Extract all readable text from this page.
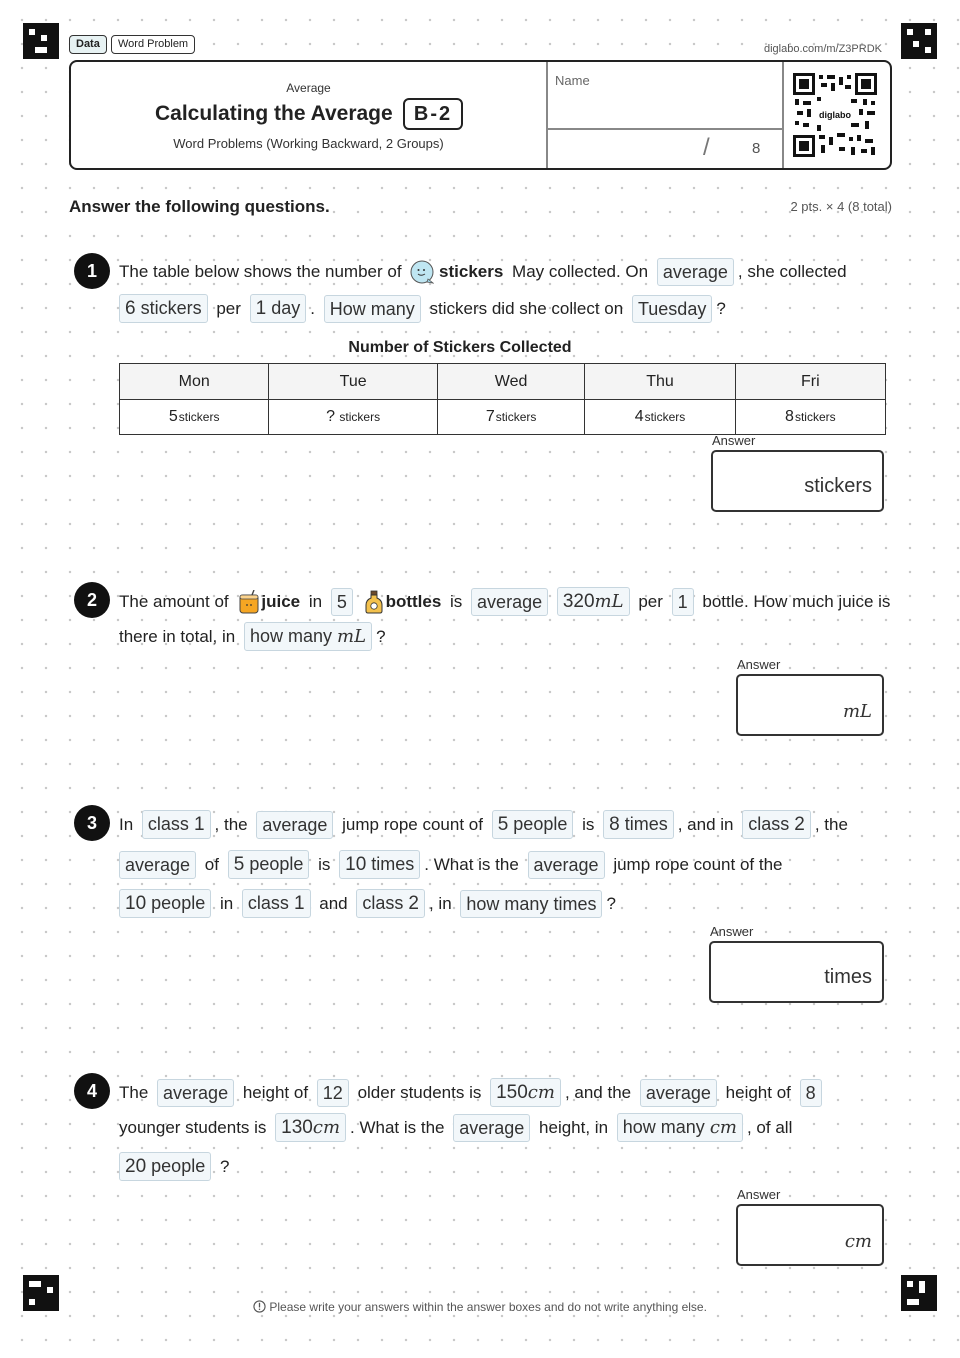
Data	Word Problem	diglabo.com/m/Z3PRDK
Average
Calculating the Average	B-2
Word Problems (Working Backward, 2 Groups)
Name
/	8
diglabo
Answer the following questions.	2 pts. × 4 (8 total)
1	The table below shows the number of stickers May collected. On average , she collected
6 stickers per 1 day . How many stickers did she collect on Tuesday ?
Number of Stickers Collected
Mon	Tue	Wed	Thu	Fri
5stickers	? stickers	7stickers	4stickers	8stickers
Answer
stickers
2	The amount of juice in 5 bottles is average 320mL per 1 bottle. How much juice is
there in total, in how many mL ?
Answer
mL
3	In class 1 , the average jump rope count of 5 people is 8 times , and in class 2 , the
average of 5 people is 10 times . What is the average jump rope count of the
10 people in class 1 and class 2 , in how many times ?
Answer
times
4	The average height of 12 older students is 150cm , and the average height of 8
younger students is 130cm . What is the average height, in how many cm , of all
20 people ?
Answer
cm
Please write your answers within the answer boxes and do not write anything else.
